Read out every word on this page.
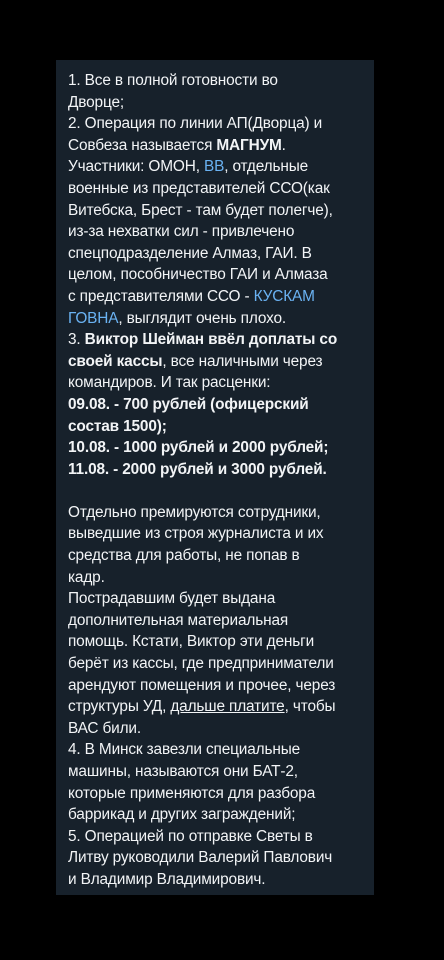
1. Все в полной готовности во
Дворце;
2. Операция по линии АП(Дворца) и
Совбеза называется МАГНУМ.
Участники: ОМОН, ВВ, отдельные
военные из представителей ССО(как
Витебска, Брест - там будет полегче),
из-за нехватки сил - привлечено
спецподразделение Алмаз, ГАИ. В
целом, пособничество ГАИ и Алмаза
с представителями ССО - КУСКАМ
ГОВНА, выглядит очень плохо.
3. Виктор Шейман ввёл доплаты со
своей кассы, все наличными через
командиров. И так расценки:
09.08. - 700 рублей (офицерский
состав 1500);
10.08. - 1000 рублей и 2000 рублей;
11.08. - 2000 рублей и 3000 рублей.
Отдельно премируются сотрудники,
выведшие из строя журналиста и их
средства для работы, не попав в
кадр.
Пострадавшим будет выдана
дополнительная материальная
помощь. Кстати, Виктор эти деньги
берёт из кассы, где предприниматели
арендуют помещения и прочее, через
структуры УД, дальше платите, чтобы
ВАС били.
4. В Минск завезли специальные
машины, называются они БАТ-2,
которые применяются для разбора
баррикад и других заграждений;
5. Операцией по отправке Светы в
Литву руководили Валерий Павлович
и Владимир Владимирович.
